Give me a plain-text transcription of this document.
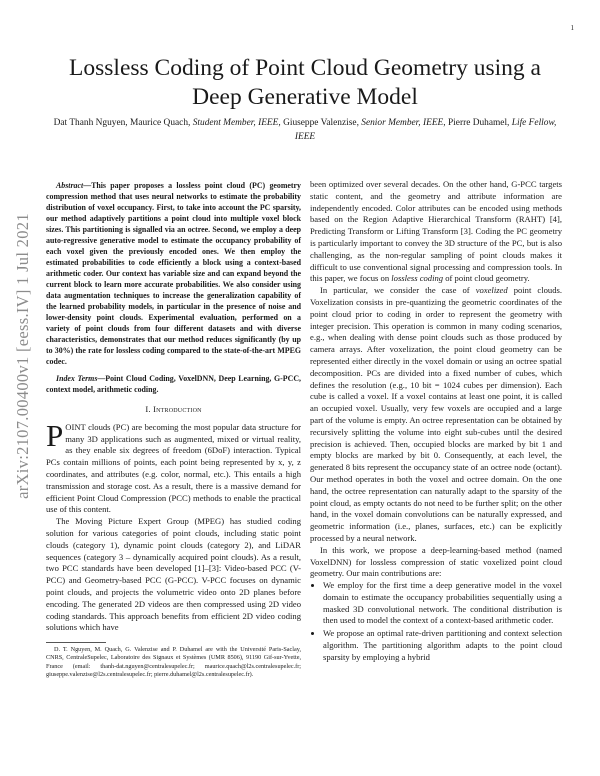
1
arXiv:2107.00400v1 [eess.IV] 1 Jul 2021
Lossless Coding of Point Cloud Geometry using a Deep Generative Model
Dat Thanh Nguyen, Maurice Quach, Student Member, IEEE, Giuseppe Valenzise, Senior Member, IEEE, Pierre Duhamel, Life Fellow, IEEE

Abstract—This paper proposes a lossless point cloud (PC) geometry compression method that uses neural networks to estimate the probability distribution of voxel occupancy. First, to take into account the PC sparsity, our method adaptively partitions a point cloud into multiple voxel block sizes. This partitioning is signalled via an octree. Second, we employ a deep auto-regressive generative model to estimate the occupancy probability of each voxel given the previously encoded ones. We then employ the estimated probabilities to code efficiently a block using a context-based arithmetic coder. Our context has variable size and can expand beyond the current block to learn more accurate probabilities. We also consider using data augmentation techniques to increase the generalization capability of the learned probability models, in particular in the presence of noise and lower-density point clouds. Experimental evaluation, performed on a variety of point clouds from four different datasets and with diverse characteristics, demonstrates that our method reduces significantly (by up to 30%) the rate for lossless coding compared to the state-of-the-art MPEG codec.

Index Terms—Point Cloud Coding, VoxelDNN, Deep Learning, G-PCC, context model, arithmetic coding.

I. Introduction

POINT clouds (PC) are becoming the most popular data structure for many 3D applications such as augmented, mixed or virtual reality, as they enable six degrees of freedom (6DoF) interaction. Typical PCs contain millions of points, each point being represented by x, y, z coordinates, and attributes (e.g. color, normal, etc.). This entails a high transmission and storage cost. As a result, there is a massive demand for efficient Point Cloud Compression (PCC) methods to enable the practical use of this content.

The Moving Picture Expert Group (MPEG) has studied coding solution for various categories of point clouds, including static point clouds (category 1), dynamic point clouds (category 2), and LiDAR sequences (category 3 – dynamically acquired point clouds). As a result, two PCC standards have been developed [1]–[3]: Video-based PCC (V-PCC) and Geometry-based PCC (G-PCC). V-PCC focuses on dynamic point clouds, and projects the volumetric video onto 2D planes before encoding. The generated 2D videos are then compressed using 2D video coding standards. This approach benefits from efficient 2D video coding solutions which have

D. T. Nguyen, M. Quach, G. Valenzise and P. Duhamel are with the Université Paris-Saclay, CNRS, CentraleSupelec, Laboratoire des Signaux et Systèmes (UMR 8506), 91190 Gif-sur-Yvette, France (email: thanh-dat.nguyen@centralesupelec.fr; maurice.quach@l2s.centralesupelec.fr; giuseppe.valenzise@l2s.centralesupelec.fr; pierre.duhamel@l2s.centralesupelec.fr).

been optimized over several decades. On the other hand, G-PCC targets static content, and the geometry and attribute information are independently encoded. Color attributes can be encoded using methods based on the Region Adaptive Hierarchical Transform (RAHT) [4], Predicting Transform or Lifting Transform [3]. Coding the PC geometry is particularly important to convey the 3D structure of the PC, but is also challenging, as the non-regular sampling of point clouds makes it difficult to use conventional signal processing and compression tools. In this paper, we focus on lossless coding of point cloud geometry.

In particular, we consider the case of voxelized point clouds. Voxelization consists in pre-quantizing the geometric coordinates of the point cloud prior to coding in order to represent the geometry with integer precision. This operation is common in many coding scenarios, e.g., when dealing with dense point clouds such as those produced by camera arrays. After voxelization, the point cloud geometry can be represented either directly in the voxel domain or using an octree spatial decomposition. PCs are divided into a fixed number of cubes, which defines the resolution (e.g., 10 bit = 1024 cubes per dimension). Each cube is called a voxel. If a voxel contains at least one point, it is called an occupied voxel. Usually, very few voxels are occupied and a large part of the volume is empty. An octree representation can be obtained by recursively splitting the volume into eight sub-cubes until the desired precision is achieved. Then, occupied blocks are marked by bit 1 and empty blocks are marked by bit 0. Consequently, at each level, the generated 8 bits represent the occupancy state of an octree node (octant). Our method operates in both the voxel and octree domain. On the one hand, the octree representation can naturally adapt to the sparsity of the point cloud, as empty octants do not need to be further split; on the other hand, in the voxel domain convolutions can be naturally expressed, and geometric information (i.e., planes, surfaces, etc.) can be explicitly processed by a neural network.

In this work, we propose a deep-learning-based method (named VoxelDNN) for lossless compression of static voxelized point cloud geometry. Our main contributions are:

• We employ for the first time a deep generative model in the voxel domain to estimate the occupancy probabilities sequentially using a masked 3D convolutional network. The conditional distribution is then used to model the context of a context-based arithmetic coder.
• We propose an optimal rate-driven partitioning and context selection algorithm. The partitioning algorithm adapts to the point cloud sparsity by employing a hybrid
